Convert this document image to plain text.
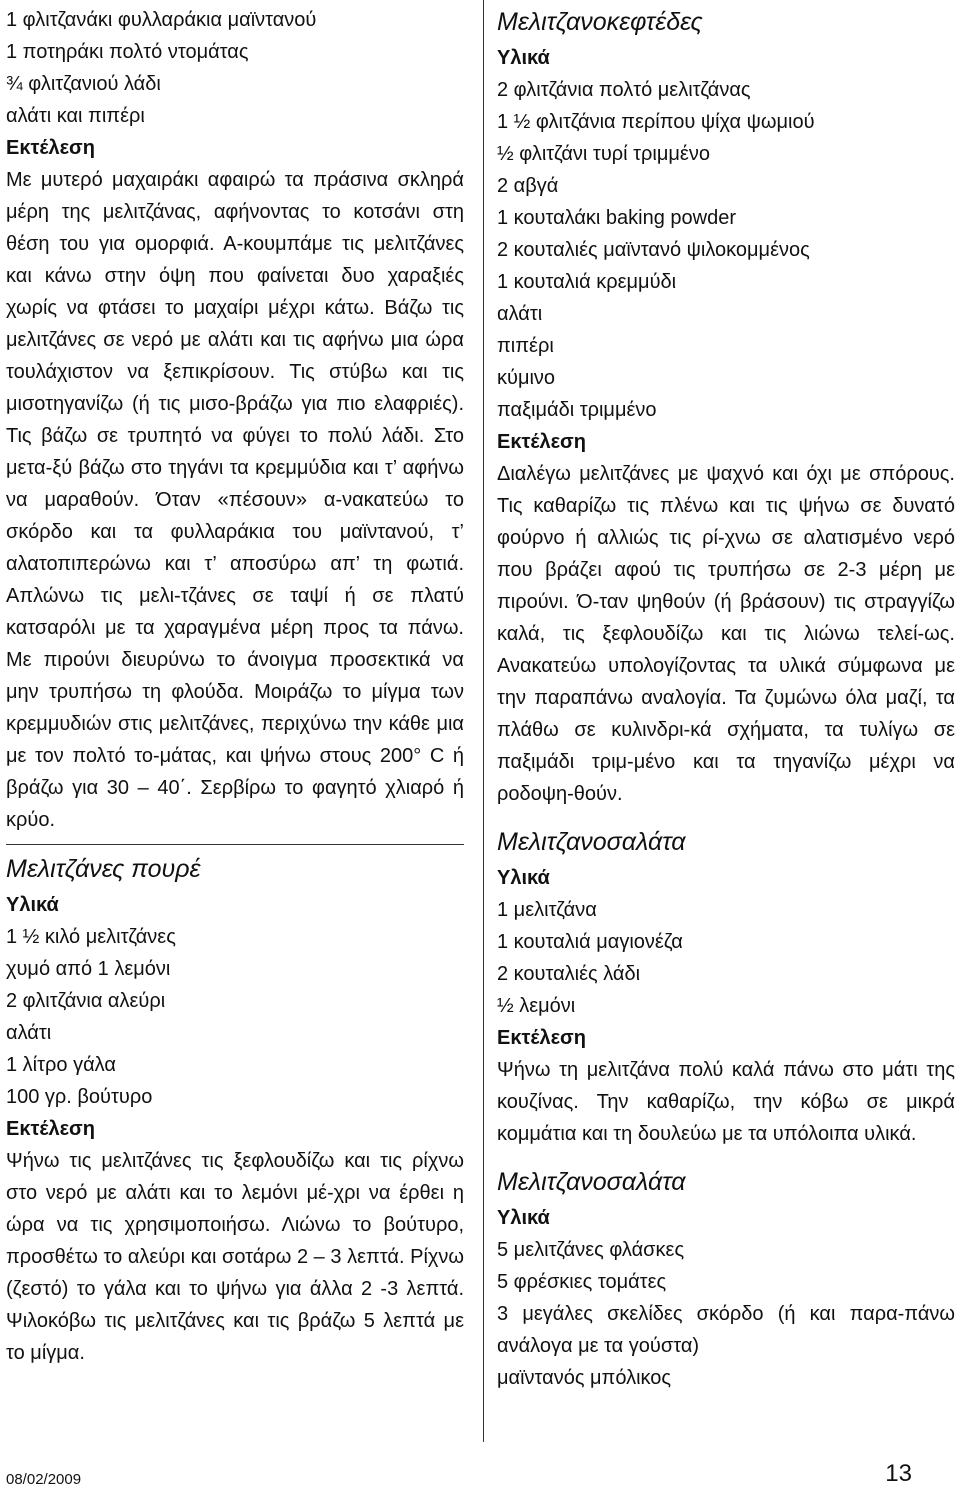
1 φλιτζανάκι φυλλαράκια μαϊντανού
1 ποτηράκι πολτό ντομάτας
¾ φλιτζανιού λάδι
αλάτι και πιπέρι
Εκτέλεση

Με μυτερό μαχαιράκι αφαιρώ τα πράσινα σκληρά μέρη της μελιτζάνας, αφήνοντας το κοτσάνι στη θέση του για ομορφιά. Α-κουμπάμε τις μελιτζάνες και κάνω στην όψη που φαίνεται δυο χαραξιές χωρίς να φτάσει το μαχαίρι μέχρι κάτω. Βάζω τις μελιτζάνες σε νερό με αλάτι και τις αφήνω μια ώρα τουλάχιστον να ξεπικρίσουν. Τις στύβω και τις μισοτηγανίζω (ή τις μισο-βράζω για πιο ελαφριές). Τις βάζω σε τρυπητό να φύγει το πολύ λάδι. Στο μετα-ξύ βάζω στο τηγάνι τα κρεμμύδια και τ’ αφήνω να μαραθούν. Όταν «πέσουν» α-νακατεύω το σκόρδο και τα φυλλαράκια του μαϊντανού, τ’ αλατοπιπερώνω και τ’ αποσύρω απ’ τη φωτιά. Απλώνω τις μελι-τζάνες σε ταψί ή σε πλατύ κατσαρόλι με τα χαραγμένα μέρη προς τα πάνω. Με πιρούνι διευρύνω το άνοιγμα προσεκτικά να μην τρυπήσω τη φλούδα. Μοιράζω το μίγμα των κρεμμυδιών στις μελιτζάνες, περιχύνω την κάθε μια με τον πολτό το-μάτας, και ψήνω στους 200° C ή βράζω για 30 – 40΄. Σερβίρω το φαγητό χλιαρό ή κρύο.

Μελιτζάνες πουρέ
Υλικά
1 ½ κιλό μελιτζάνες
χυμό από 1 λεμόνι
2 φλιτζάνια αλεύρι
αλάτι
1 λίτρο γάλα
100 γρ. βούτυρο
Εκτέλεση

Ψήνω τις μελιτζάνες τις ξεφλουδίζω και τις ρίχνω στο νερό με αλάτι και το λεμόνι μέ-χρι να έρθει η ώρα να τις χρησιμοποιήσω. Λιώνω το βούτυρο, προσθέτω το αλεύρι και σοτάρω 2 – 3 λεπτά. Ρίχνω (ζεστό) το γάλα και το ψήνω για άλλα 2 -3 λεπτά. Ψιλοκόβω τις μελιτζάνες και τις βράζω 5 λεπτά με το μίγμα.

Μελιτζανοκεφτέδες
Υλικά
2 φλιτζάνια πολτό μελιτζάνας
1 ½ φλιτζάνια περίπου ψίχα ψωμιού
½ φλιτζάνι τυρί τριμμένο
2 αβγά
1 κουταλάκι baking powder
2 κουταλιές μαϊντανό ψιλοκομμένος
1 κουταλιά κρεμμύδι
αλάτι
πιπέρι
κύμινο
παξιμάδι τριμμένο
Εκτέλεση

Διαλέγω μελιτζάνες με ψαχνό και όχι με σπόρους. Τις καθαρίζω τις πλένω και τις ψήνω σε δυνατό φούρνο ή αλλιώς τις ρί-χνω σε αλατισμένο νερό που βράζει αφού τις τρυπήσω σε 2-3 μέρη με πιρούνι. Ό-ταν ψηθούν (ή βράσουν) τις στραγγίζω καλά, τις ξεφλουδίζω και τις λιώνω τελεί-ως. Ανακατεύω υπολογίζοντας τα υλικά σύμφωνα με την παραπάνω αναλογία. Τα ζυμώνω όλα μαζί, τα πλάθω σε κυλινδρι-κά σχήματα, τα τυλίγω σε παξιμάδι τριμ-μένο και τα τηγανίζω μέχρι να ροδοψη-θούν.

Μελιτζανοσαλάτα
Υλικά
1 μελιτζάνα
1 κουταλιά μαγιονέζα
2 κουταλιές λάδι
½ λεμόνι
Εκτέλεση

Ψήνω τη μελιτζάνα πολύ καλά πάνω στο μάτι της κουζίνας. Την καθαρίζω, την κόβω σε μικρά κομμάτια και τη δουλεύω με τα υπόλοιπα υλικά.

Μελιτζανοσαλάτα
Υλικά
5 μελιτζάνες φλάσκες
5 φρέσκιες τομάτες

3 μεγάλες σκελίδες σκόρδο (ή και παρα-πάνω ανάλογα με τα γούστα)

μαϊντανός μπόλικος
08/02/2009	13
